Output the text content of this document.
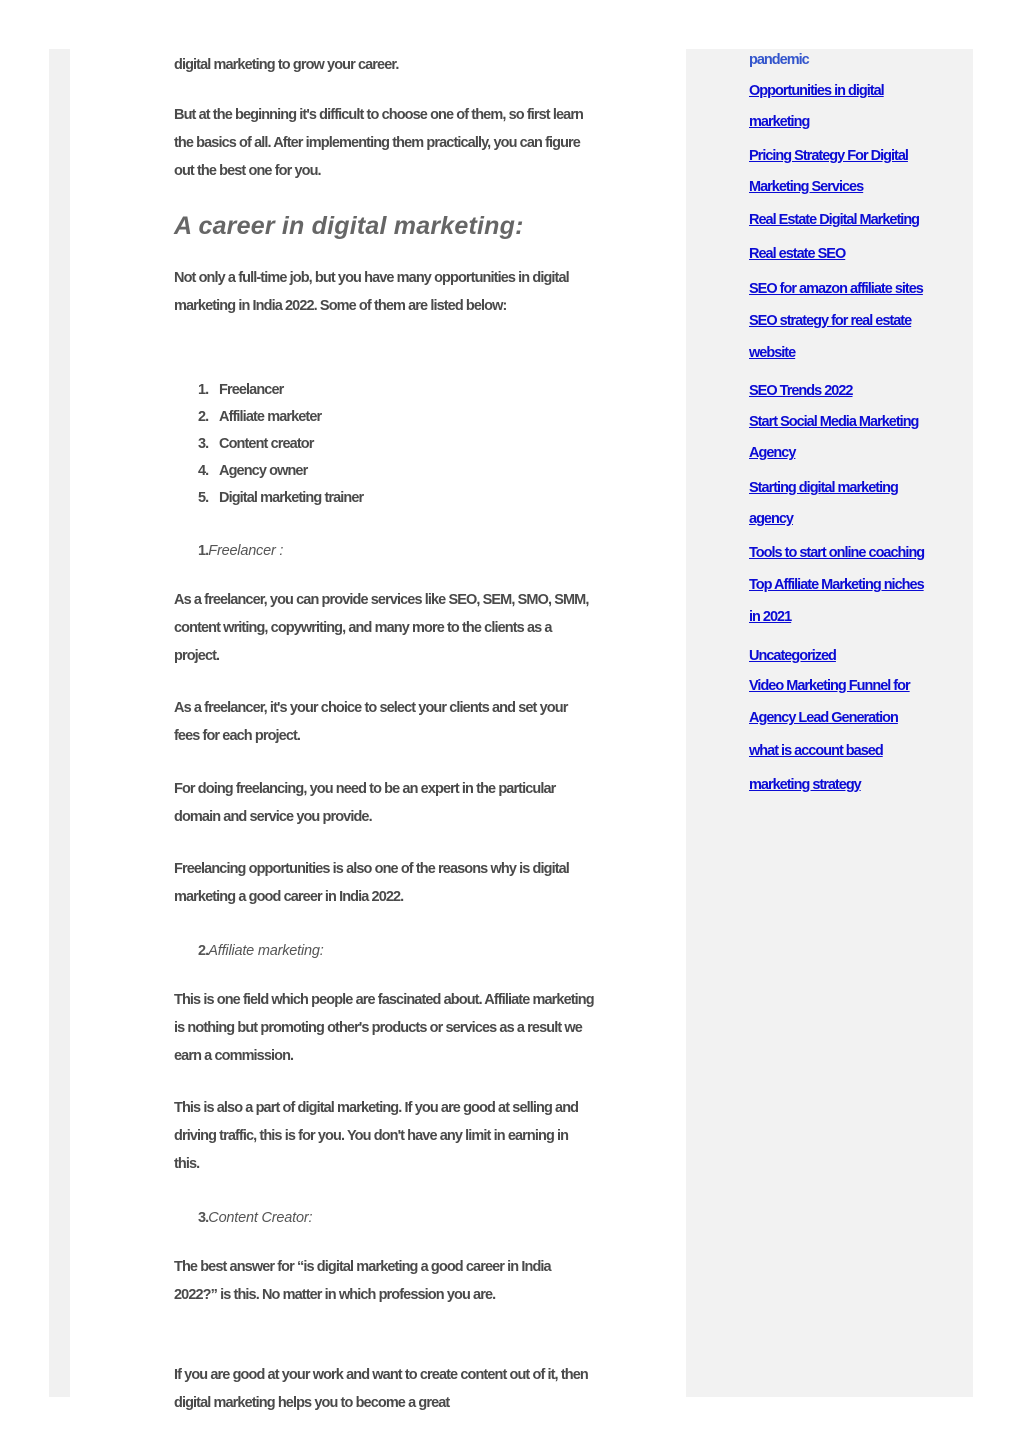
digital marketing to grow your career.

But at the beginning it's difficult to choose one of them, so first learn the basics of all. After implementing them practically, you can figure out the best one for you.

A career in digital marketing:

Not only a full-time job, but you have many opportunities in digital marketing in India 2022. Some of them are listed below:

1. Freelancer
2. Affiliate marketer
3. Content creator
4. Agency owner
5. Digital marketing trainer

1.Freelancer :

As a freelancer, you can provide services like SEO, SEM, SMO, SMM, content writing, copywriting, and many more to the clients as a project.

As a freelancer, it's your choice to select your clients and set your fees for each project.

For doing freelancing, you need to be an expert in the particular domain and service you provide.

Freelancing opportunities is also one of the reasons why is digital marketing a good career in India 2022.

2.Affiliate marketing:

This is one field which people are fascinated about. Affiliate marketing is nothing but promoting other's products or services as a result we earn a commission.

This is also a part of digital marketing. If you are good at selling and driving traffic, this is for you. You don't have any limit in earning in this.

3.Content Creator:

The best answer for “is digital marketing a good career in India 2022?” is this. No matter in which profession you are.

If you are good at your work and want to create content out of it, then digital marketing helps you to become a great

pandemic
Opportunities in digital
marketing
Pricing Strategy For Digital
Marketing Services
Real Estate Digital Marketing
Real estate SEO
SEO for amazon affiliate sites
SEO strategy for real estate
website
SEO Trends 2022
Start Social Media Marketing
Agency
Starting digital marketing
agency
Tools to start online coaching
Top Affiliate Marketing niches
in 2021
Uncategorized
Video Marketing Funnel for
Agency Lead Generation
what is account based
marketing strategy
